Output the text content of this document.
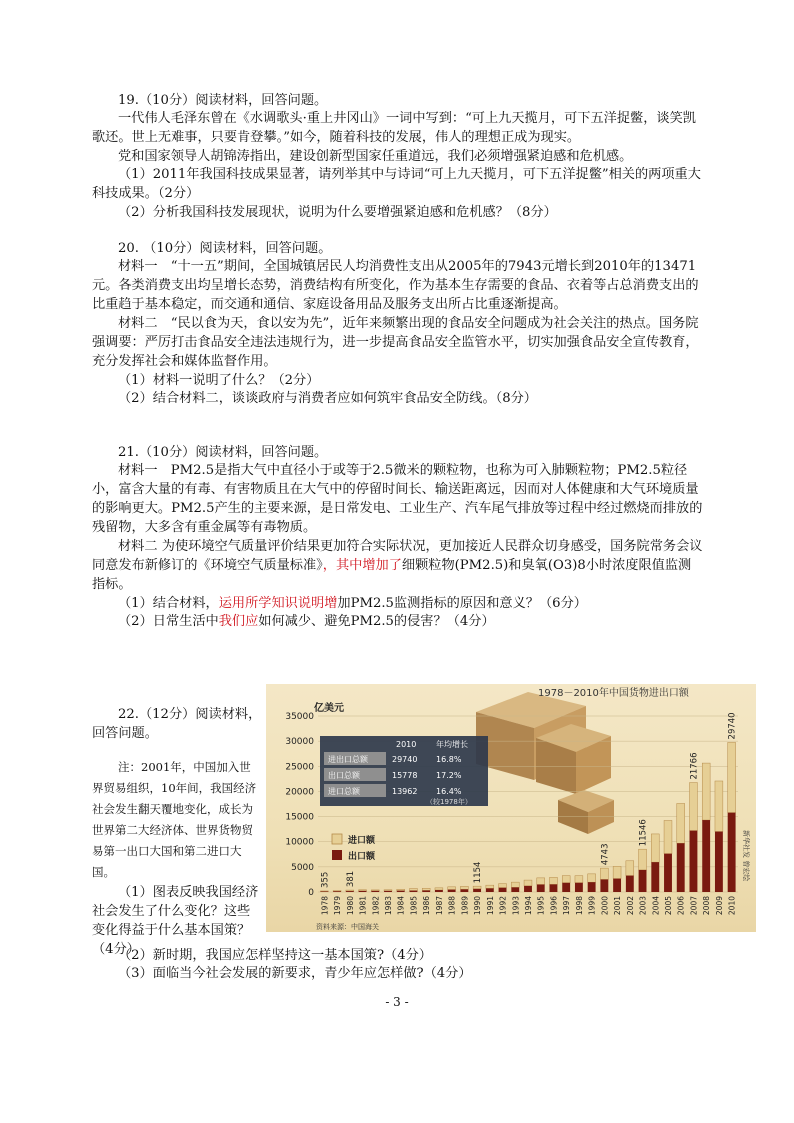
19.（10分）阅读材料，回答问题。

一代伟人毛泽东曾在《水调歌头·重上井冈山》一词中写到：“可上九天揽月，可下五洋捉鳖，谈笑凯歌还。世上无难事，只要肯登攀。”如今，随着科技的发展，伟人的理想正成为现实。

党和国家领导人胡锦涛指出，建设创新型国家任重道远，我们必须增强紧迫感和危机感。

（1）2011年我国科技成果显著，请列举其中与诗词“可上九天揽月，可下五洋捉鳖”相关的两项重大科技成果。（2分）

（2）分析我国科技发展现状，说明为什么要增强紧迫感和危机感？（8分）

20. （10分）阅读材料，回答问题。

材料一　“十一五”期间，全国城镇居民人均消费性支出从2005年的7943元增长到2010年的13471元。各类消费支出均呈增长态势，消费结构有所变化，作为基本生存需要的食品、衣着等占总消费支出的比重趋于基本稳定，而交通和通信、家庭设备用品及服务支出所占比重逐渐提高。

材料二　“民以食为天，食以安为先”，近年来频繁出现的食品安全问题成为社会关注的热点。国务院强调要：严厉打击食品安全违法违规行为，进一步提高食品安全监管水平，切实加强食品安全宣传教育，充分发挥社会和媒体监督作用。

（1）材料一说明了什么？（2分）

（2）结合材料二，谈谈政府与消费者应如何筑牢食品安全防线。（8分）

21.（10分）阅读材料，回答问题。

材料一　PM2.5是指大气中直径小于或等于2.5微米的颗粒物，也称为可入肺颗粒物；PM2.5粒径小，富含大量的有毒、有害物质且在大气中的停留时间长、输送距离远，因而对人体健康和大气环境质量的影响更大。PM2.5产生的主要来源，是日常发电、工业生产、汽车尾气排放等过程中经过燃烧而排放的残留物，大多含有重金属等有毒物质。

材料二 为使环境空气质量评价结果更加符合实际状况，更加接近人民群众切身感受，国务院常务会议同意发布新修订的《环境空气质量标准》，其中增加了细颗粒物(PM2.5)和臭氧(O3)8小时浓度限值监测指标。

（1）结合材料，运用所学知识说明增加PM2.5监测指标的原因和意义？（6分）

（2）日常生活中我们应如何减少、避免PM2.5的侵害？（4分）

22.（12分）阅读材料，回答问题。
注：2001年，中国加入世界贸易组织，10年间，我国经济社会发生翻天覆地变化，成长为世界第二大经济体、世界货物贸易第一出口大国和第二进口大国。
（1）图表反映我国经济社会发生了什么变化？这些变化得益于什么基本国策？（4分）

（2）新时期，我国应怎样坚持这一基本国策?（4分）

（3）面临当今社会发展的新要求，青少年应怎样做?（4分）

1978－2010年中国货物进出口额
亿美元
0
5000
10000
15000
20000
25000
30000
35000
1978 1979 1980 1981 1982 1983 1984 1985 1986 1987 1988 1989 1990 1991 1992 1993 1994 1995 1996 1997 1998 1999 2000 2001 2002 2003 2004 2005 2006 2007 2008 2009 2010
355 381	1154
4743
11546
21766
29740
2010 年均增长
进出口总额	29740 16.8%
出口总额	15778 17.2%
进口总额	13962 16.4%
（较1978年）
进口额
出口额
资料来源：中国海关
新华社发 曾宏绘
- 3 -
